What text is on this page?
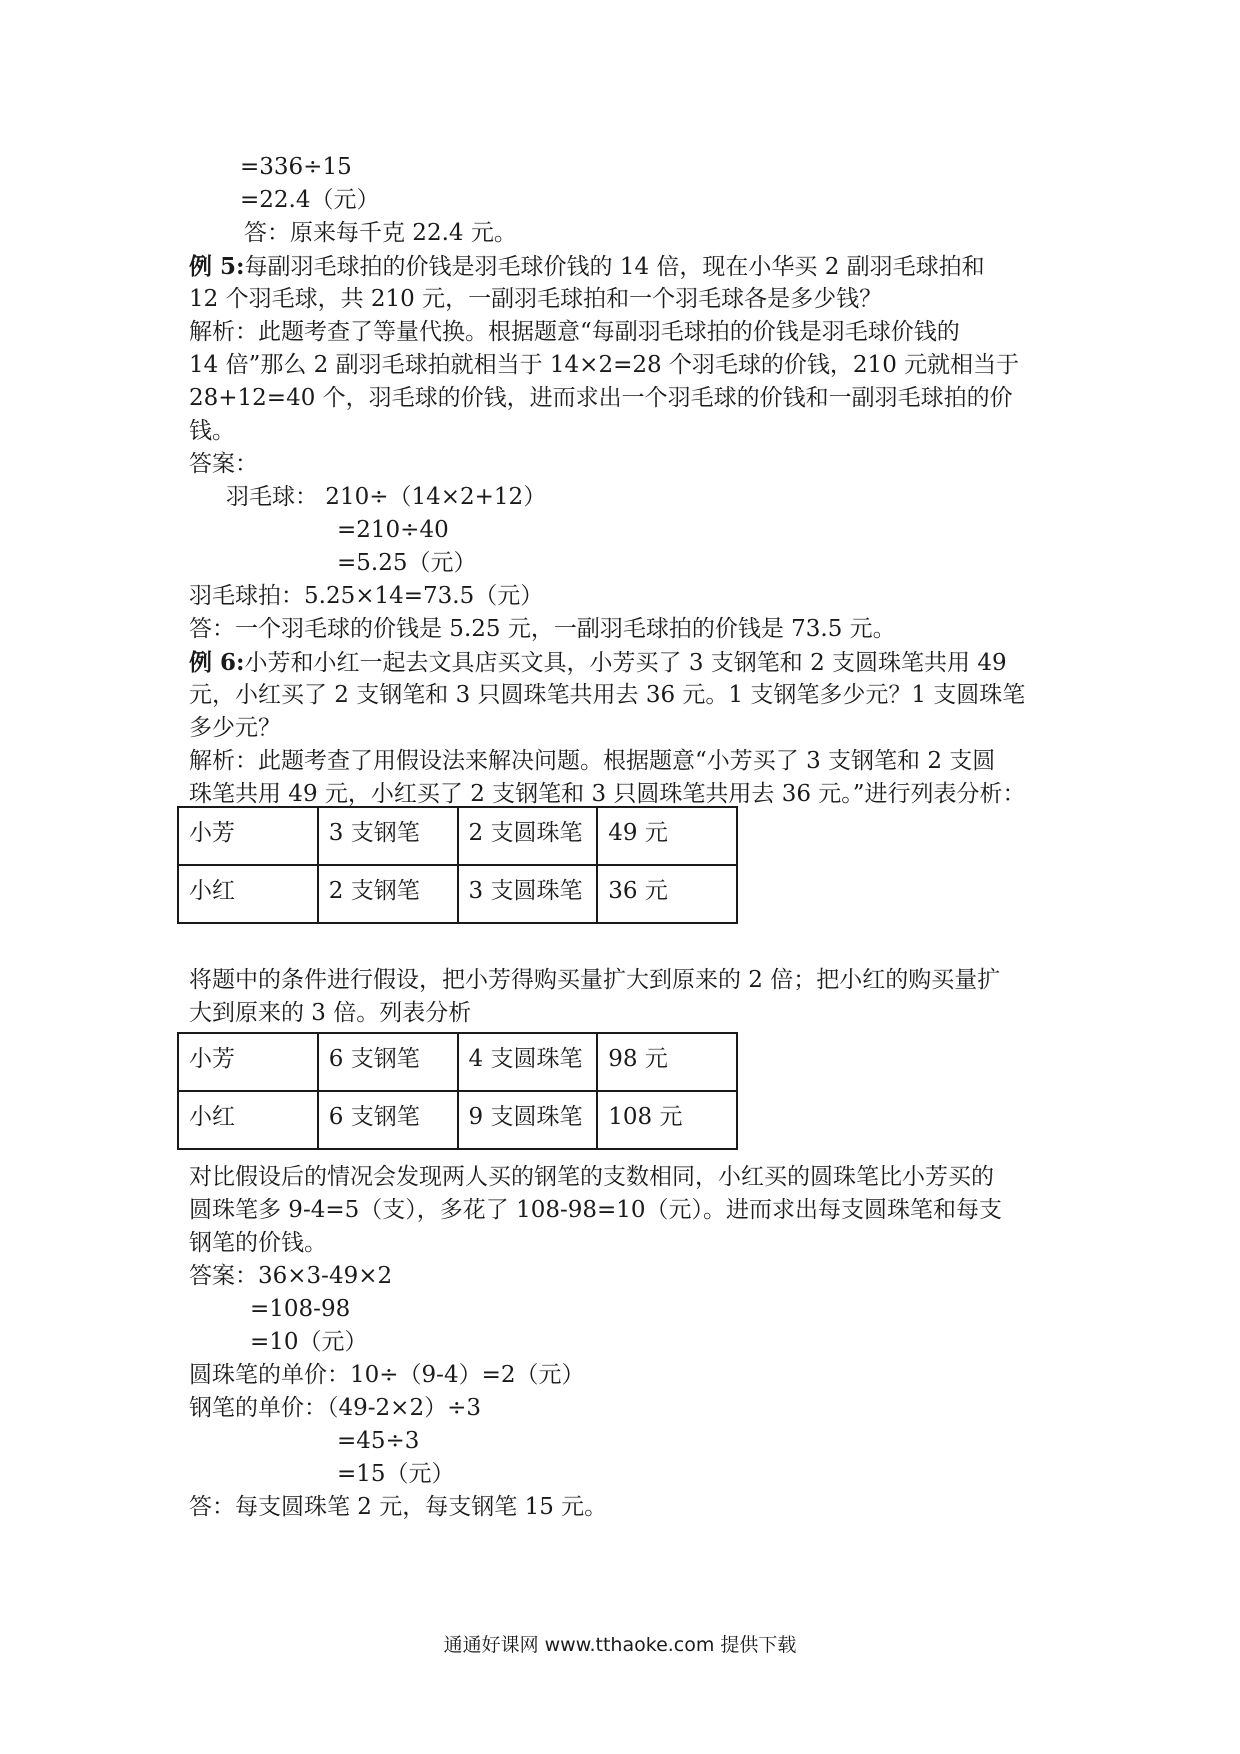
=336÷15
=22.4（元）
答：原来每千克 22.4 元。
例 5:每副羽毛球拍的价钱是羽毛球价钱的 14 倍，现在小华买 2 副羽毛球拍和
12 个羽毛球，共 210 元，一副羽毛球拍和一个羽毛球各是多少钱？
解析：此题考查了等量代换。根据题意“每副羽毛球拍的价钱是羽毛球价钱的
14 倍”那么 2 副羽毛球拍就相当于 14×2=28 个羽毛球的价钱，210 元就相当于
28+12=40 个，羽毛球的价钱，进而求出一个羽毛球的价钱和一副羽毛球拍的价
钱。
答案：
羽毛球： 210÷（14×2+12）
=210÷40
=5.25（元）
羽毛球拍：5.25×14=73.5（元）
答：一个羽毛球的价钱是 5.25 元，一副羽毛球拍的价钱是 73.5 元。
例 6:小芳和小红一起去文具店买文具，小芳买了 3 支钢笔和 2 支圆珠笔共用 49
元，小红买了 2 支钢笔和 3 只圆珠笔共用去 36 元。1 支钢笔多少元？1 支圆珠笔
多少元？
解析：此题考查了用假设法来解决问题。根据题意“小芳买了 3 支钢笔和 2 支圆
珠笔共用 49 元，小红买了 2 支钢笔和 3 只圆珠笔共用去 36 元。”进行列表分析：
小芳	3 支钢笔	2 支圆珠笔	49 元
小红	2 支钢笔	3 支圆珠笔	36 元
将题中的条件进行假设，把小芳得购买量扩大到原来的 2 倍；把小红的购买量扩
大到原来的 3 倍。列表分析
小芳	6 支钢笔	4 支圆珠笔	98 元
小红	6 支钢笔	9 支圆珠笔	108 元
对比假设后的情况会发现两人买的钢笔的支数相同，小红买的圆珠笔比小芳买的
圆珠笔多 9-4=5（支），多花了 108-98=10（元）。进而求出每支圆珠笔和每支
钢笔的价钱。
答案：36×3-49×2
=108-98
=10（元）
圆珠笔的单价：10÷（9-4）=2（元）
钢笔的单价：（49-2×2）÷3
=45÷3
=15（元）
答：每支圆珠笔 2 元，每支钢笔 15 元。
通通好课网 www.tthaoke.com 提供下载
